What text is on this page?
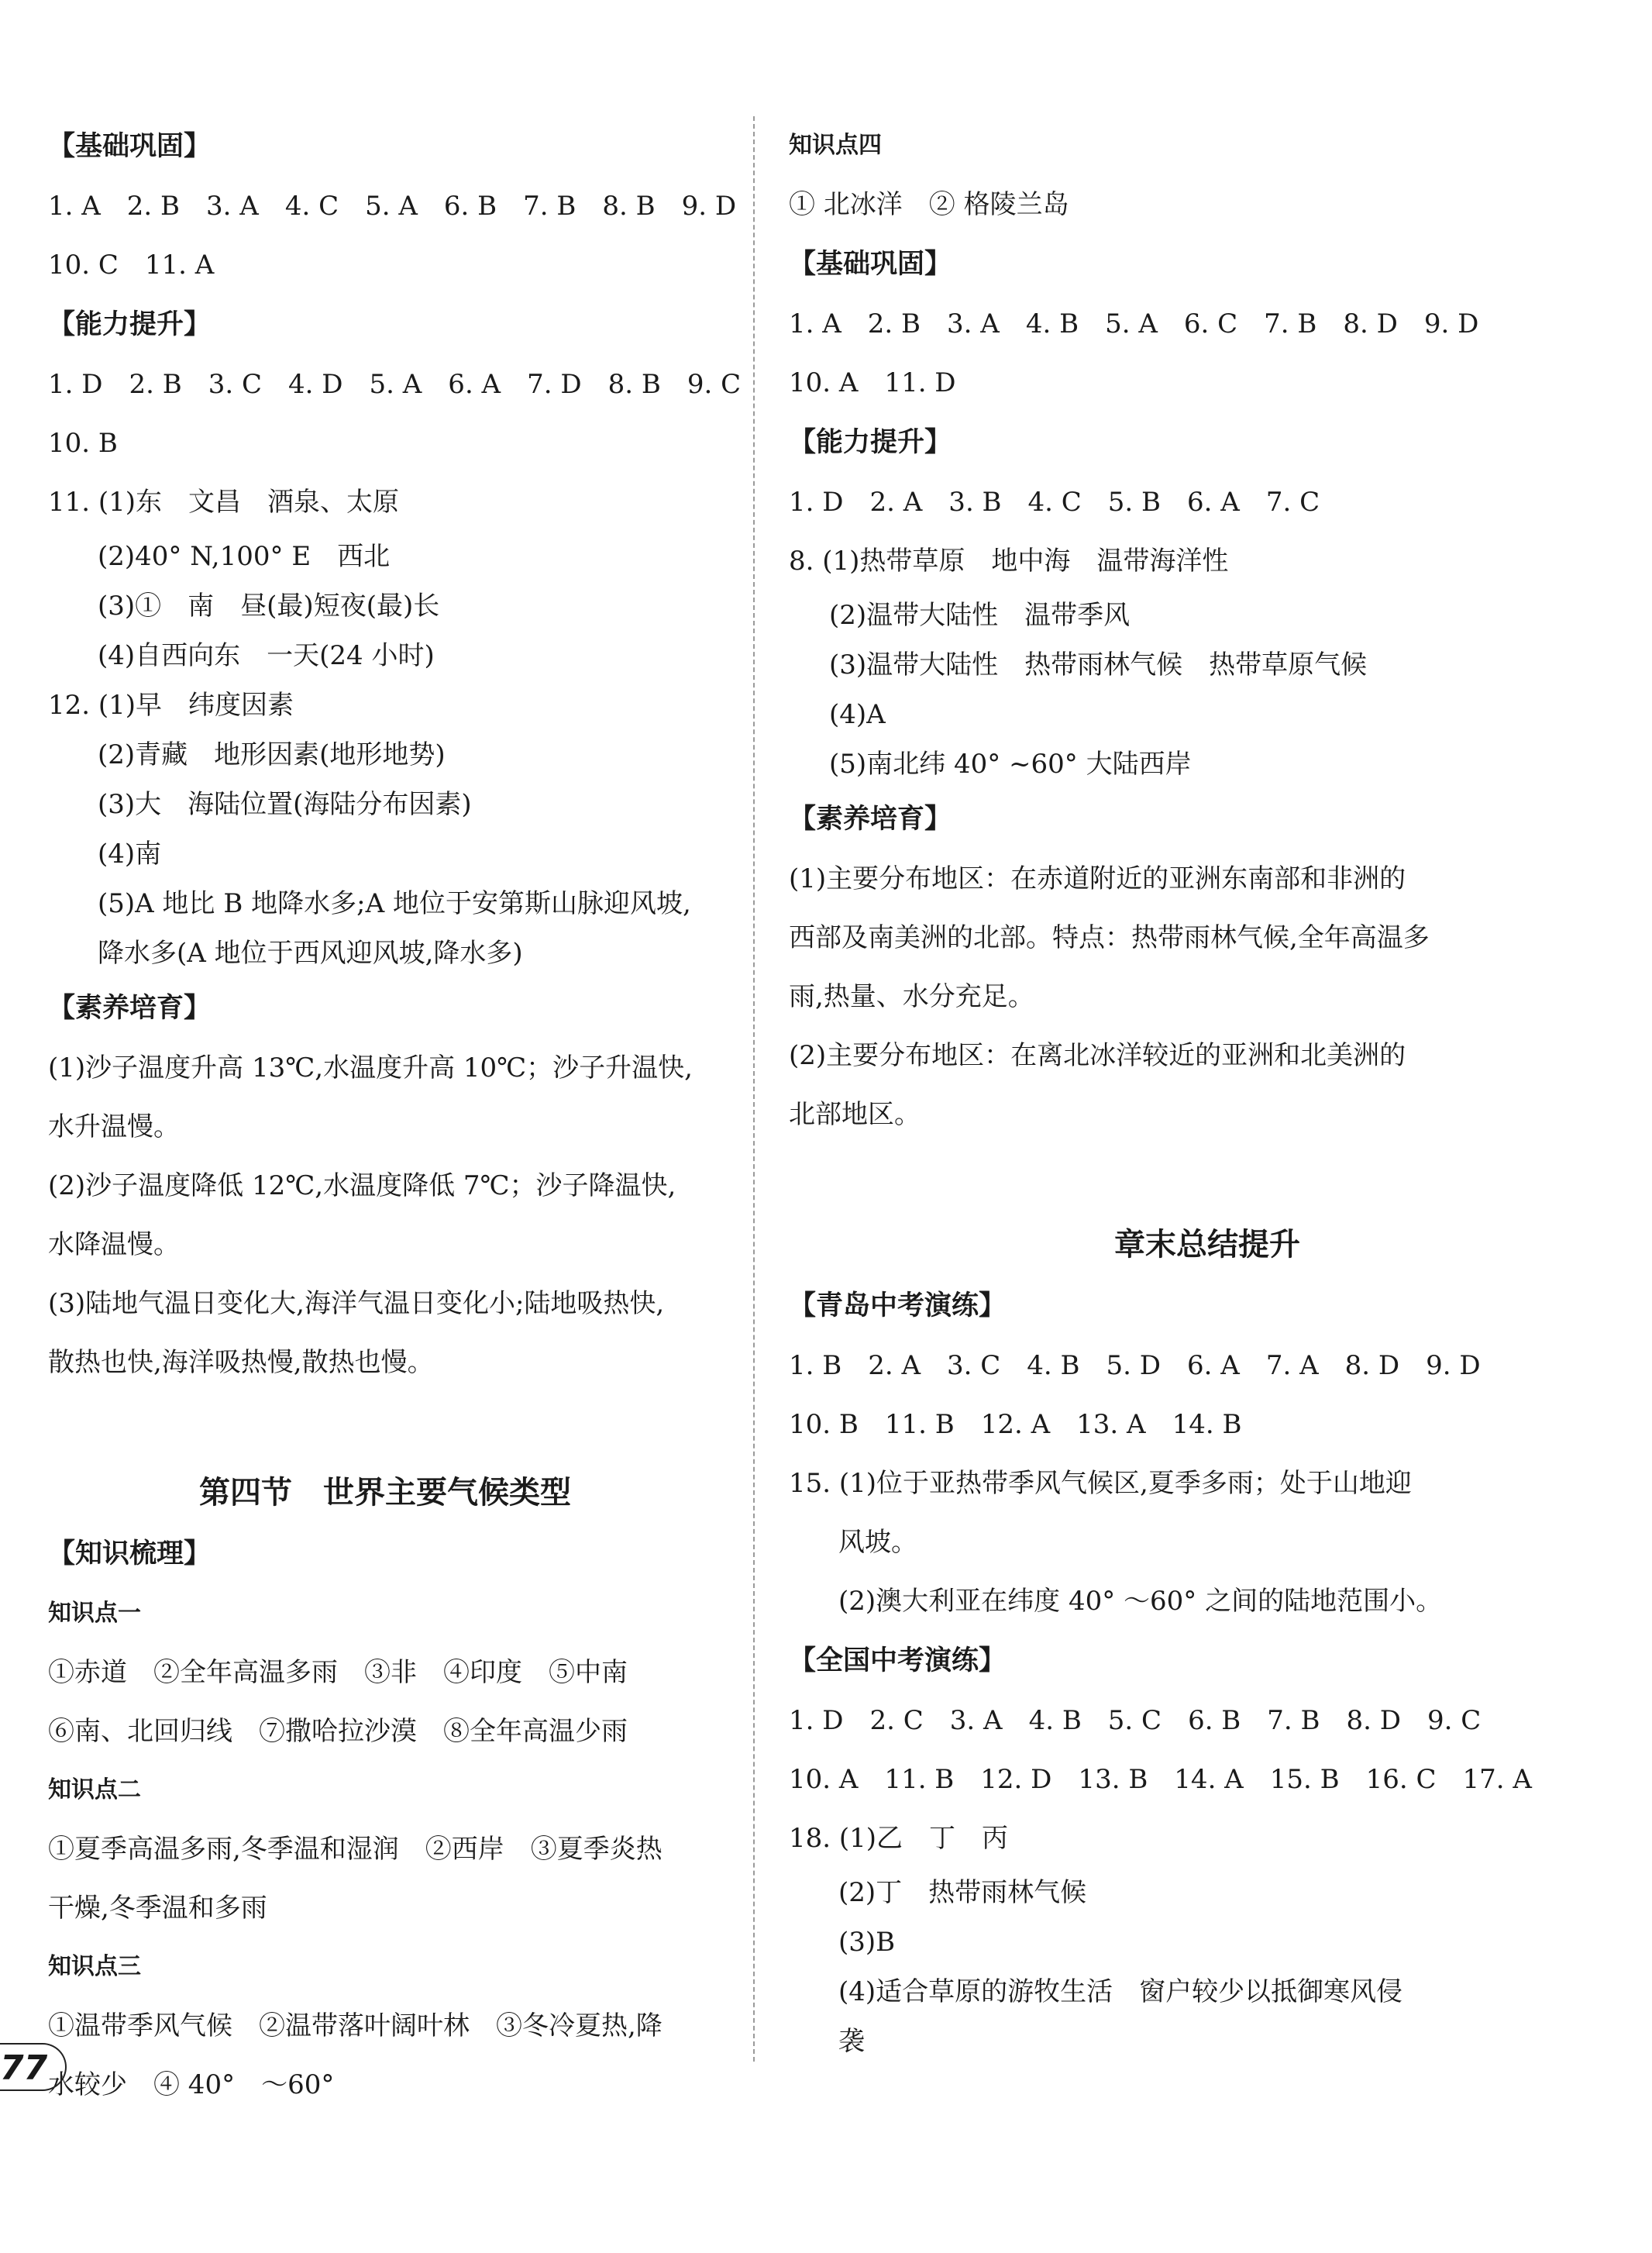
【基础巩固】
1. A　2. B　3. A　4. C　5. A　6. B　7. B　8. B　9. D
10. C　11. A
【能力提升】
1. D　2. B　3. C　4. D　5. A　6. A　7. D　8. B　9. C
10. B
11. (1)东　文昌　酒泉、太原
(2)40° N,100° E　西北
(3)①　南　昼(最)短夜(最)长
(4)自西向东　一天(24 小时)
12. (1)早　纬度因素
(2)青藏　地形因素(地形地势)
(3)大　海陆位置(海陆分布因素)
(4)南
(5)A 地比 B 地降水多;A 地位于安第斯山脉迎风坡,
降水多(A 地位于西风迎风坡,降水多)
【素养培育】
(1)沙子温度升高 13℃,水温度升高 10℃；沙子升温快,
水升温慢。
(2)沙子温度降低 12℃,水温度降低 7℃；沙子降温快,
水降温慢。
(3)陆地气温日变化大,海洋气温日变化小;陆地吸热快,
散热也快,海洋吸热慢,散热也慢。
第四节　世界主要气候类型
【知识梳理】
知识点一
①赤道　②全年高温多雨　③非　④印度　⑤中南
⑥南、北回归线　⑦撒哈拉沙漠　⑧全年高温少雨
知识点二
①夏季高温多雨,冬季温和湿润　②西岸　③夏季炎热
干燥,冬季温和多雨
知识点三
①温带季风气候　②温带落叶阔叶林　③冬冷夏热,降
水较少　④ 40°　～60°
知识点四
① 北冰洋　② 格陵兰岛
【基础巩固】
1. A　2. B　3. A　4. B　5. A　6. C　7. B　8. D　9. D
10. A　11. D
【能力提升】
1. D　2. A　3. B　4. C　5. B　6. A　7. C
8. (1)热带草原　地中海　温带海洋性
(2)温带大陆性　温带季风
(3)温带大陆性　热带雨林气候　热带草原气候
(4)A
(5)南北纬 40° ~60° 大陆西岸
【素养培育】
(1)主要分布地区：在赤道附近的亚洲东南部和非洲的
西部及南美洲的北部。特点：热带雨林气候,全年高温多
雨,热量、水分充足。
(2)主要分布地区：在离北冰洋较近的亚洲和北美洲的
北部地区。
章末总结提升
【青岛中考演练】
1. B　2. A　3. C　4. B　5. D　6. A　7. A　8. D　9. D
10. B　11. B　12. A　13. A　14. B
15. (1)位于亚热带季风气候区,夏季多雨；处于山地迎
风坡。
(2)澳大利亚在纬度 40° ～60° 之间的陆地范围小。
【全国中考演练】
1. D　2. C　3. A　4. B　5. C　6. B　7. B　8. D　9. C
10. A　11. B　12. D　13. B　14. A　15. B　16. C　17. A
18. (1)乙　丁　丙
(2)丁　热带雨林气候
(3)B
(4)适合草原的游牧生活　窗户较少以抵御寒风侵
袭
77
